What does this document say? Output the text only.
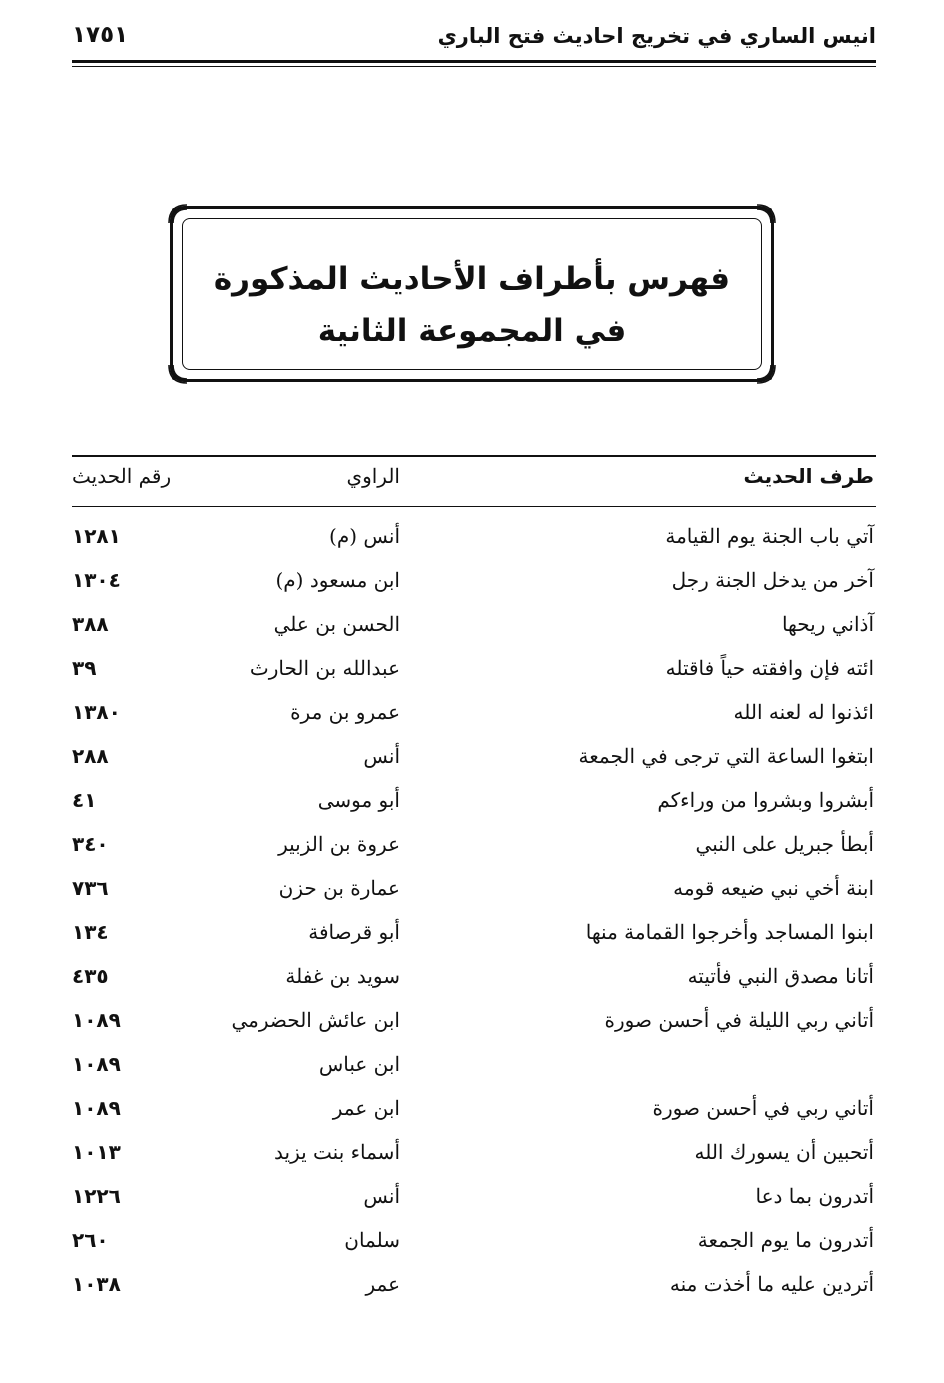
انيس الساري في تخريج احاديث فتح الباري
١٧٥١
فهرس بأطراف الأحاديث المذكورة
في المجموعة الثانية
طرف الحديث
الراوي
رقم الحديث
آتي باب الجنة يوم القيامة
أنس (م)
١٢٨١
آخر من يدخل الجنة رجل
ابن مسعود (م)
١٣٠٤
آذاني ريحها
الحسن بن علي
٣٨٨
ائته فإن وافقته حياً فاقتله
عبدالله بن الحارث
٣٩
ائذنوا له لعنه الله
عمرو بن مرة
١٣٨٠
ابتغوا الساعة التي ترجى في الجمعة
أنس
٢٨٨
أبشروا وبشروا من وراءكم
أبو موسى
٤١
أبطأ جبريل على النبي
عروة بن الزبير
٣٤٠
ابنة أخي نبي ضيعه قومه
عمارة بن حزن
٧٣٦
ابنوا المساجد وأخرجوا القمامة منها
أبو قرصافة
١٣٤
أتانا مصدق النبي فأتيته
سويد بن غفلة
٤٣٥
أتاني ربي الليلة في أحسن صورة
ابن عائش الحضرمي
١٠٨٩
ابن عباس
١٠٨٩
أتاني ربي في أحسن صورة
ابن عمر
١٠٨٩
أتحبين أن يسورك الله
أسماء بنت يزيد
١٠١٣
أتدرون بما دعا
أنس
١٢٢٦
أتدرون ما يوم الجمعة
سلمان
٢٦٠
أتردين عليه ما أخذت منه
عمر
١٠٣٨
